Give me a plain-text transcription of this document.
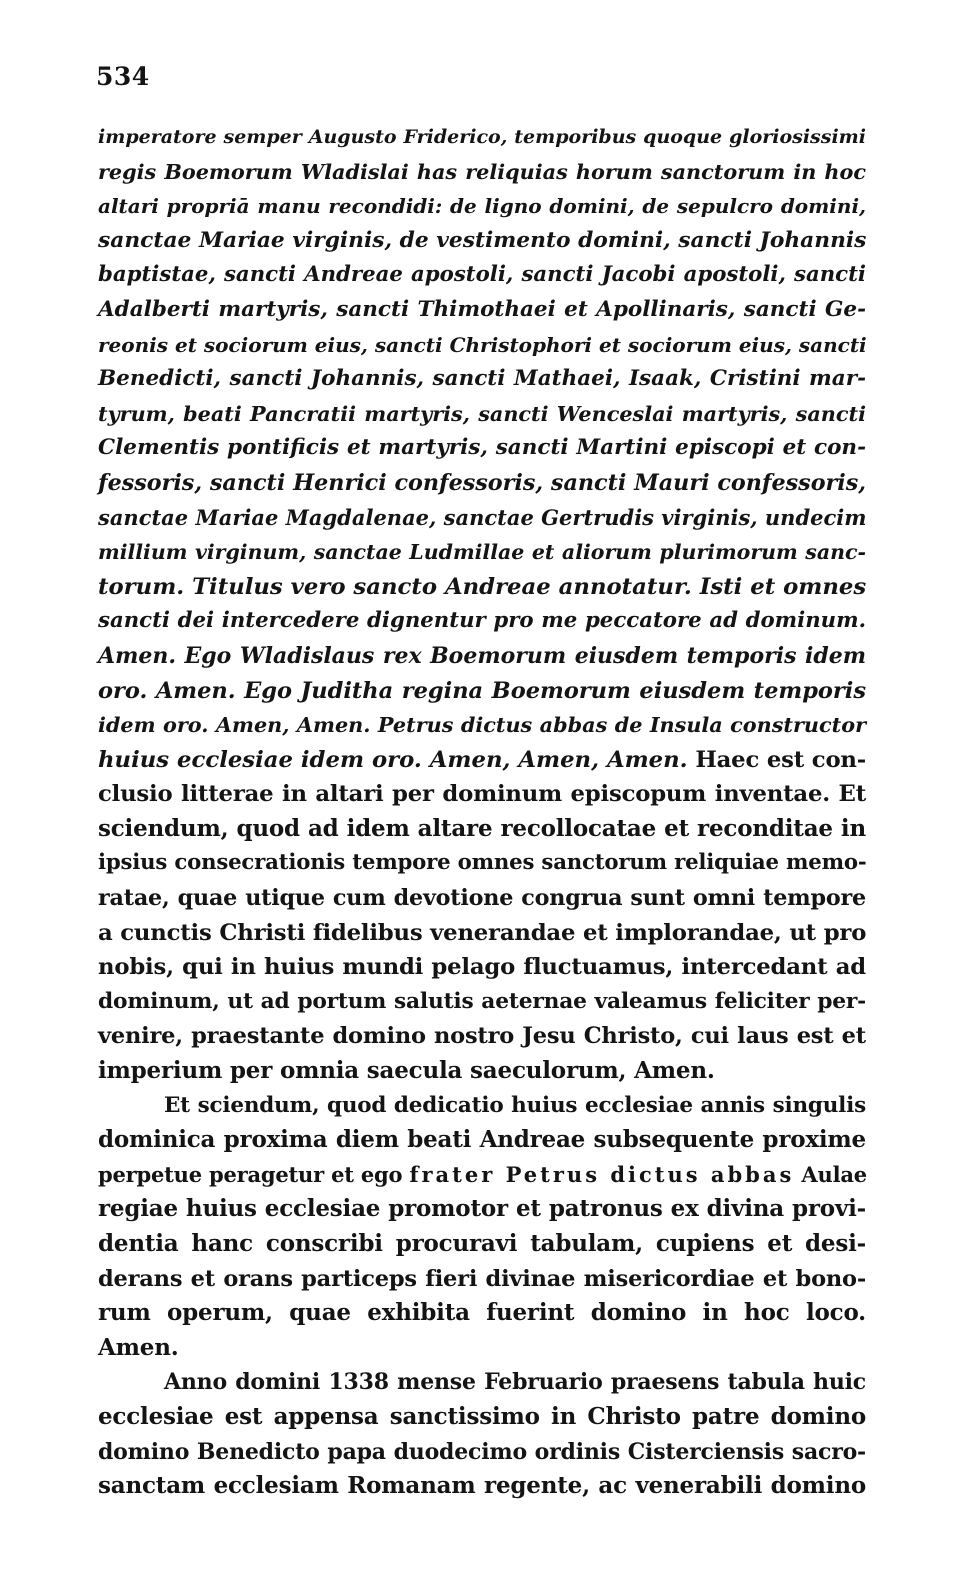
534
imperatore semper Augusto Friderico, temporibus quoque gloriosissimi
regis Boemorum Wladislai has reliquias horum sanctorum in hoc
altari propriā manu recondidi: de ligno domini, de sepulcro domini,
sanctae Mariae virginis, de vestimento domini, sancti Johannis
baptistae, sancti Andreae apostoli, sancti Jacobi apostoli, sancti
Adalberti martyris, sancti Thimothaei et Apollinaris, sancti Ge-
reonis et sociorum eius, sancti Christophori et sociorum eius, sancti
Benedicti, sancti Johannis, sancti Mathaei, Isaak, Cristini mar-
tyrum, beati Pancratii martyris, sancti Wenceslai martyris, sancti
Clementis pontificis et martyris, sancti Martini episcopi et con-
fessoris, sancti Henrici confessoris, sancti Mauri confessoris,
sanctae Mariae Magdalenae, sanctae Gertrudis virginis, undecim
millium virginum, sanctae Ludmillae et aliorum plurimorum sanc-
torum. Titulus vero sancto Andreae annotatur. Isti et omnes
sancti dei intercedere dignentur pro me peccatore ad dominum.
Amen. Ego Wladislaus rex Boemorum eiusdem temporis idem
oro. Amen. Ego Juditha regina Boemorum eiusdem temporis
idem oro. Amen, Amen. Petrus dictus abbas de Insula constructor
huius ecclesiae idem oro. Amen, Amen, Amen. Haec est con-
clusio litterae in altari per dominum episcopum inventae. Et
sciendum, quod ad idem altare recollocatae et reconditae in
ipsius consecrationis tempore omnes sanctorum reliquiae memo-
ratae, quae utique cum devotione congrua sunt omni tempore
a cunctis Christi fidelibus venerandae et implorandae, ut pro
nobis, qui in huius mundi pelago fluctuamus, intercedant ad
dominum, ut ad portum salutis aeternae valeamus feliciter per-
venire, praestante domino nostro Jesu Christo, cui laus est et
imperium per omnia saecula saeculorum, Amen.
Et sciendum, quod dedicatio huius ecclesiae annis singulis
dominica proxima diem beati Andreae subsequente proxime
perpetue peragetur et ego frater Petrus dictus abbas Aulae
regiae huius ecclesiae promotor et patronus ex divina provi-
dentia hanc conscribi procuravi tabulam, cupiens et desi-
derans et orans particeps fieri divinae misericordiae et bono-
rum operum, quae exhibita fuerint domino in hoc loco.
Amen.
Anno domini 1338 mense Februario praesens tabula huic
ecclesiae est appensa sanctissimo in Christo patre domino
domino Benedicto papa duodecimo ordinis Cisterciensis sacro-
sanctam ecclesiam Romanam regente, ac venerabili domino
